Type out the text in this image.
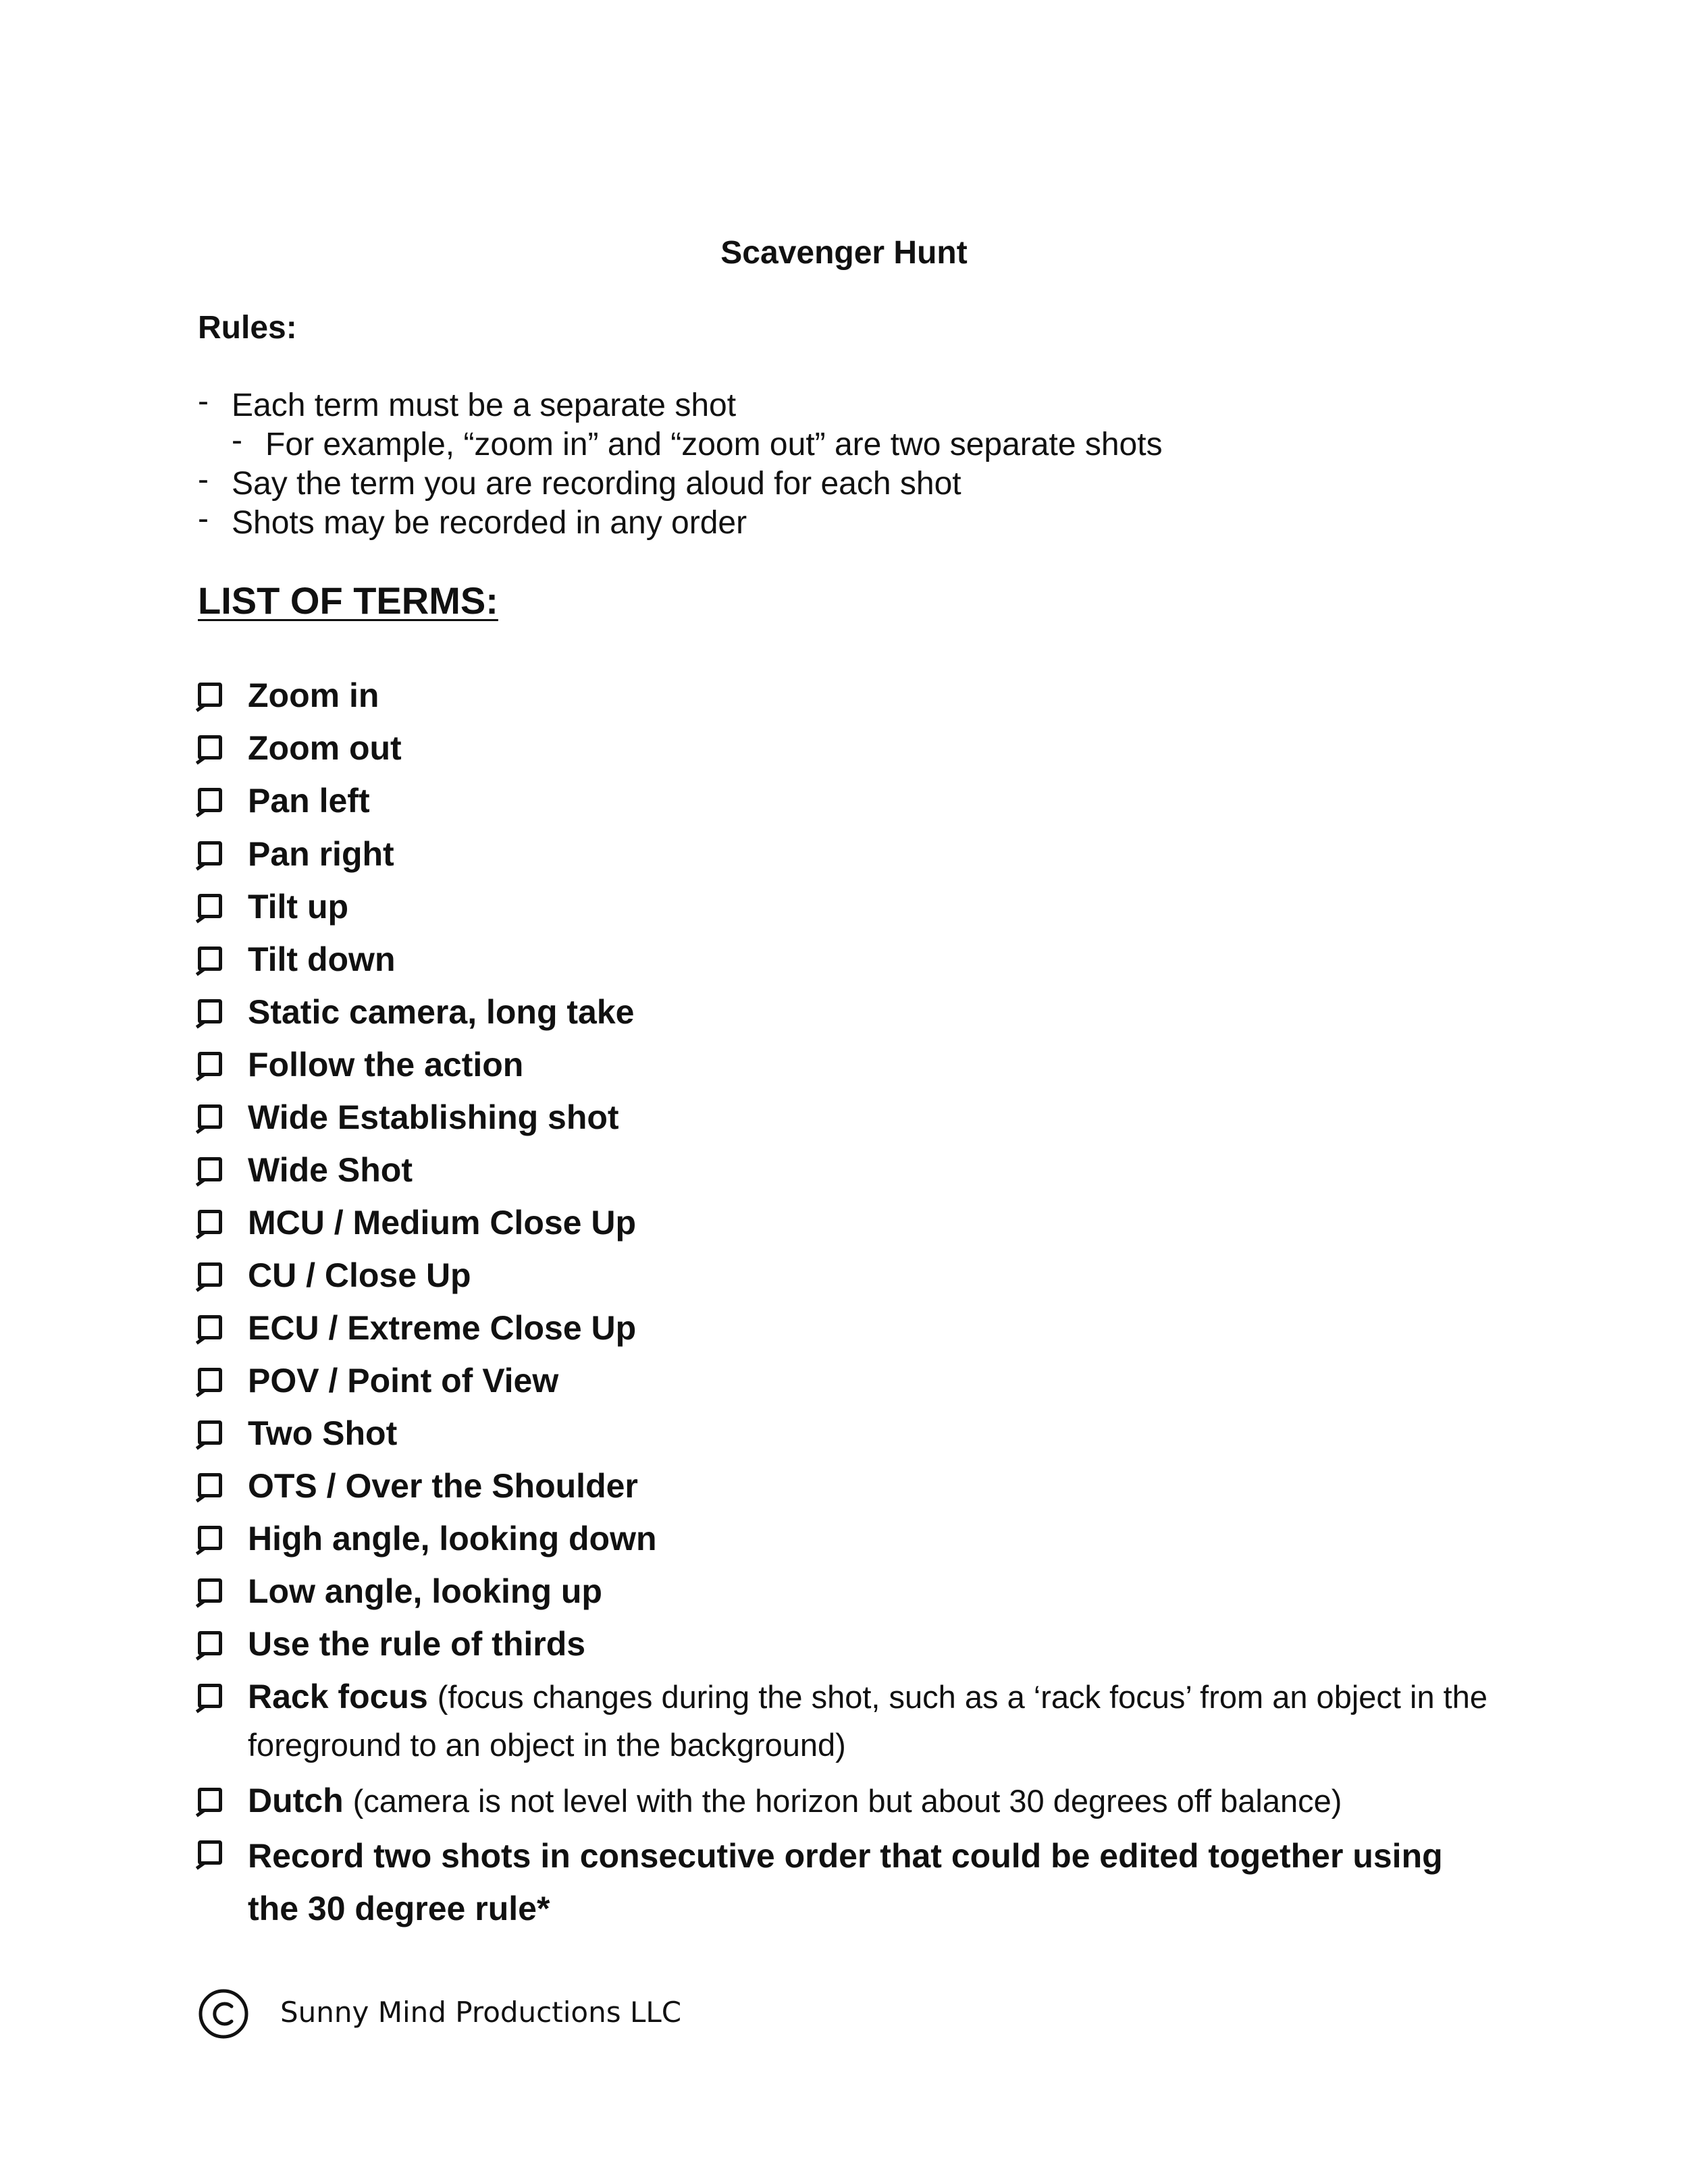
Scavenger Hunt
Rules:
- Each term must be a separate shot
- For example, “zoom in” and “zoom out” are two separate shots
- Say the term you are recording aloud for each shot
- Shots may be recorded in any order
LIST OF TERMS:
Zoom in
Zoom out
Pan left
Pan right
Tilt up
Tilt down
Static camera, long take
Follow the action
Wide Establishing shot
Wide Shot
MCU / Medium Close Up
CU / Close Up
ECU / Extreme Close Up
POV / Point of View
Two Shot
OTS / Over the Shoulder
High angle, looking down
Low angle, looking up
Use the rule of thirds
Rack focus (focus changes during the shot, such as a ‘rack focus’ from an object in the foreground to an object in the background)
Dutch (camera is not level with the horizon but about 30 degrees off balance)
Record two shots in consecutive order that could be edited together using the 30 degree rule*
Sunny Mind Productions LLC
